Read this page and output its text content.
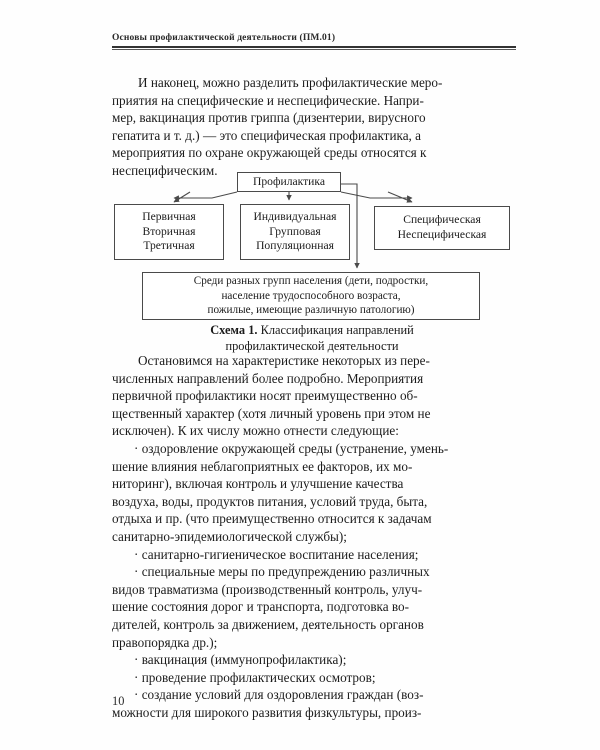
Основы профилактической деятельности (ПМ.01)

И наконец, можно разделить профилактические меро-
приятия на специфические и неспецифические. Напри-
мер, вакцинация против гриппа (дизентерии, вирусного
гепатита и т. д.) — это специфическая профилактика, а
мероприятия по охране окружающей среды относятся к
неспецифическим.

Профилактика
Первичная
Вторичная
Третичная
Индивидуальная
Групповая
Популяционная
Специфическая
Неспецифическая
Среди разных групп населения (дети, подростки,
население трудоспособного возраста,
пожилые, имеющие различную патологию)
Схема 1. Классификация направлений
профилактической деятельности

Остановимся на характеристике некоторых из пере-
численных направлений более подробно. Мероприятия
первичной профилактики носят преимущественно об-
щественный характер (хотя личный уровень при этом не
исключен). К их числу можно отнести следующие:

· оздоровление окружающей среды (устранение, умень-
шение влияния неблагоприятных ее факторов, их мо-
ниторинг), включая контроль и улучшение качества
воздуха, воды, продуктов питания, условий труда, быта,
отдыха и пр. (что преимущественно относится к задачам
санитарно-эпидемиологической службы);

· санитарно-гигиеническое воспитание населения;

· специальные меры по предупреждению различных
видов травматизма (производственный контроль, улуч-
шение состояния дорог и транспорта, подготовка во-
дителей, контроль за движением, деятельность органов
правопорядка др.);

· вакцинация (иммунопрофилактика);

· проведение профилактических осмотров;

· создание условий для оздоровления граждан (воз-
можности для широкого развития физкультуры, произ-

10
